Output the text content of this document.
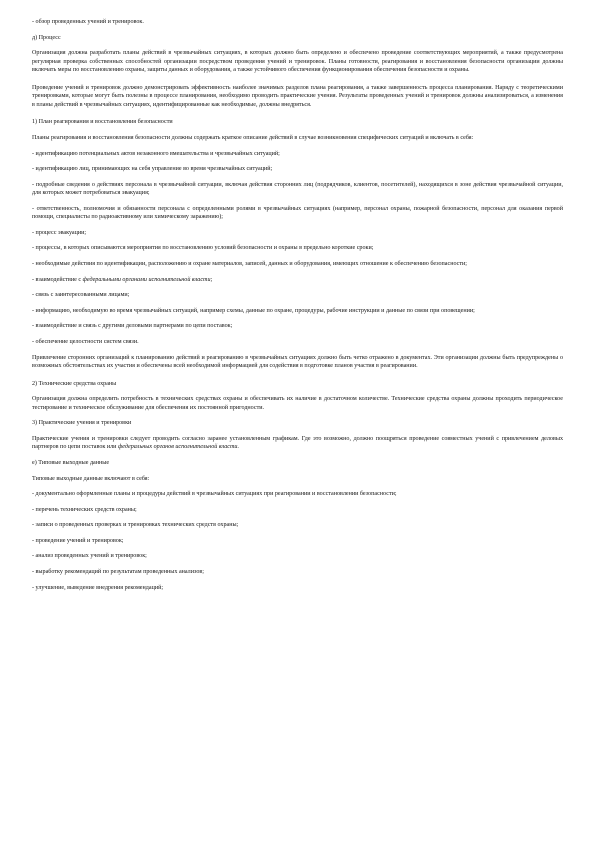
- обзор проведенных учений и тренировок.

д) Процесс

Организация должна разработать планы действий в чрезвычайных ситуациях, в которых должно быть определено и обеспечено проведение соответствующих мероприятий, а также предусмотрена регулярная проверка собственных способностей организации посредством проведения учений и тренировок. Планы готовности, реагирования и восстановления безопасности организации должны включать меры по восстановлению охраны, защиты данных и оборудования, а также устойчивого обеспечения функционирования обеспечения безопасности и охраны.

Проведение учений и тренировок должно демонстрировать эффективность наиболее значимых разделов плана реагирования, а также завершенность процесса планирования. Наряду с теоретическими тренировками, которые могут быть полезны в процессе планирования, необходимо проводить практические учения. Результаты проведенных учений и тренировок должны анализироваться, а изменения в планы действий в чрезвычайных ситуациях, идентифицированные как необходимые, должны внедряться.

1) План реагирования и восстановления безопасности

Планы реагирования и восстановления безопасности должны содержать краткое описание действий в случае возникновения специфических ситуаций и включать в себя:

- идентификацию потенциальных актов незаконного вмешательства и чрезвычайных ситуаций;

- идентификацию лиц, принимающих на себя управление во время чрезвычайных ситуаций;

- подробные сведения о действиях персонала в чрезвычайной ситуации, включая действия сторонних лиц (подрядчиков, клиентов, посетителей), находящихся в зоне действия чрезвычайной ситуации, для которых может потребоваться эвакуация;

- ответственность, полномочия и обязанности персонала с определенными ролями в чрезвычайных ситуациях (например, персонал охраны, пожарной безопасности, персонал для оказания первой помощи, специалисты по радиоактивному или химическому заражению);

- процесс эвакуации;

- процессы, в которых описываются мероприятия по восстановлению условий безопасности и охраны в предельно короткие сроки;

- необходимые действия по идентификации, расположению и охране материалов, записей, данных и оборудования, имеющих отношение к обеспечению безопасности;

- взаимодействие с федеральными органами исполнительной власти;

- связь с заинтересованными лицами;

- информацию, необходимую во время чрезвычайных ситуаций, например схемы, данные по охране, процедуры, рабочие инструкции и данные по связи при оповещении;

- взаимодействие и связь с другими деловыми партнерами по цепи поставок;

- обеспечение целостности систем связи.

Привлечение сторонних организаций к планированию действий и реагированию в чрезвычайных ситуациях должно быть четко отражено в документах. Эти организации должны быть предупреждены о возможных обстоятельствах их участия и обеспечены всей необходимой информацией для содействия в подготовке планов участия в реагировании.

2) Технические средства охраны

Организация должна определить потребность в технических средствах охраны и обеспечивать их наличие в достаточном количестве. Технические средства охраны должны проходить периодическое тестирование и техническое обслуживание для обеспечения их постоянной пригодности.

3) Практические учения и тренировки

Практические учения и тренировки следует проводить согласно заранее установленным графикам. Где это возможно, должно поощряться проведение совместных учений с привлечением деловых партнеров по цепи поставок или федеральных органов исполнительной власти.

е) Типовые выходные данные

Типовые выходные данные включают в себя:

- документально оформленные планы и процедуры действий в чрезвычайных ситуациях при реагировании и восстановлении безопасности;

- перечень технических средств охраны;

- записи о проведенных проверках и тренировках технических средств охраны;

- проведение учений и тренировок;

- анализ проведенных учений и тренировок;

- выработку рекомендаций по результатам проведенных анализов;

- улучшение, выведение внедрения рекомендаций;
